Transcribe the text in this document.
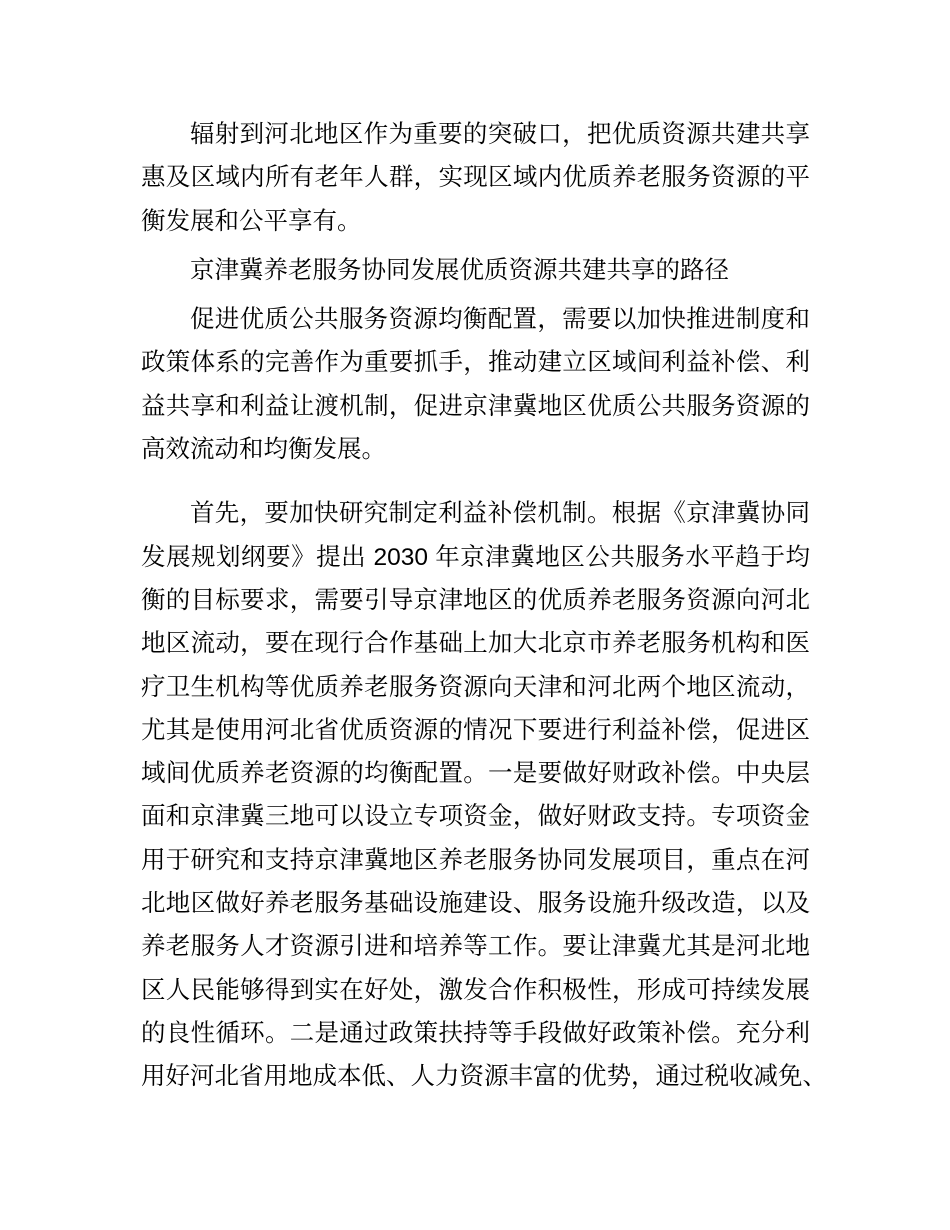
辐射到河北地区作为重要的突破口，把优质资源共建共享
惠及区域内所有老年人群，实现区域内优质养老服务资源的平
衡发展和公平享有。
京津冀养老服务协同发展优质资源共建共享的路径
促进优质公共服务资源均衡配置，需要以加快推进制度和
政策体系的完善作为重要抓手，推动建立区域间利益补偿、利
益共享和利益让渡机制，促进京津冀地区优质公共服务资源的
高效流动和均衡发展。
首先，要加快研究制定利益补偿机制。根据《京津冀协同
发展规划纲要》提出 2030 年京津冀地区公共服务水平趋于均
衡的目标要求，需要引导京津地区的优质养老服务资源向河北
地区流动，要在现行合作基础上加大北京市养老服务机构和医
疗卫生机构等优质养老服务资源向天津和河北两个地区流动，
尤其是使用河北省优质资源的情况下要进行利益补偿，促进区
域间优质养老资源的均衡配置。一是要做好财政补偿。中央层
面和京津冀三地可以设立专项资金，做好财政支持。专项资金
用于研究和支持京津冀地区养老服务协同发展项目，重点在河
北地区做好养老服务基础设施建设、服务设施升级改造，以及
养老服务人才资源引进和培养等工作。要让津冀尤其是河北地
区人民能够得到实在好处，激发合作积极性，形成可持续发展
的良性循环。二是通过政策扶持等手段做好政策补偿。充分利
用好河北省用地成本低、人力资源丰富的优势，通过税收减免、
